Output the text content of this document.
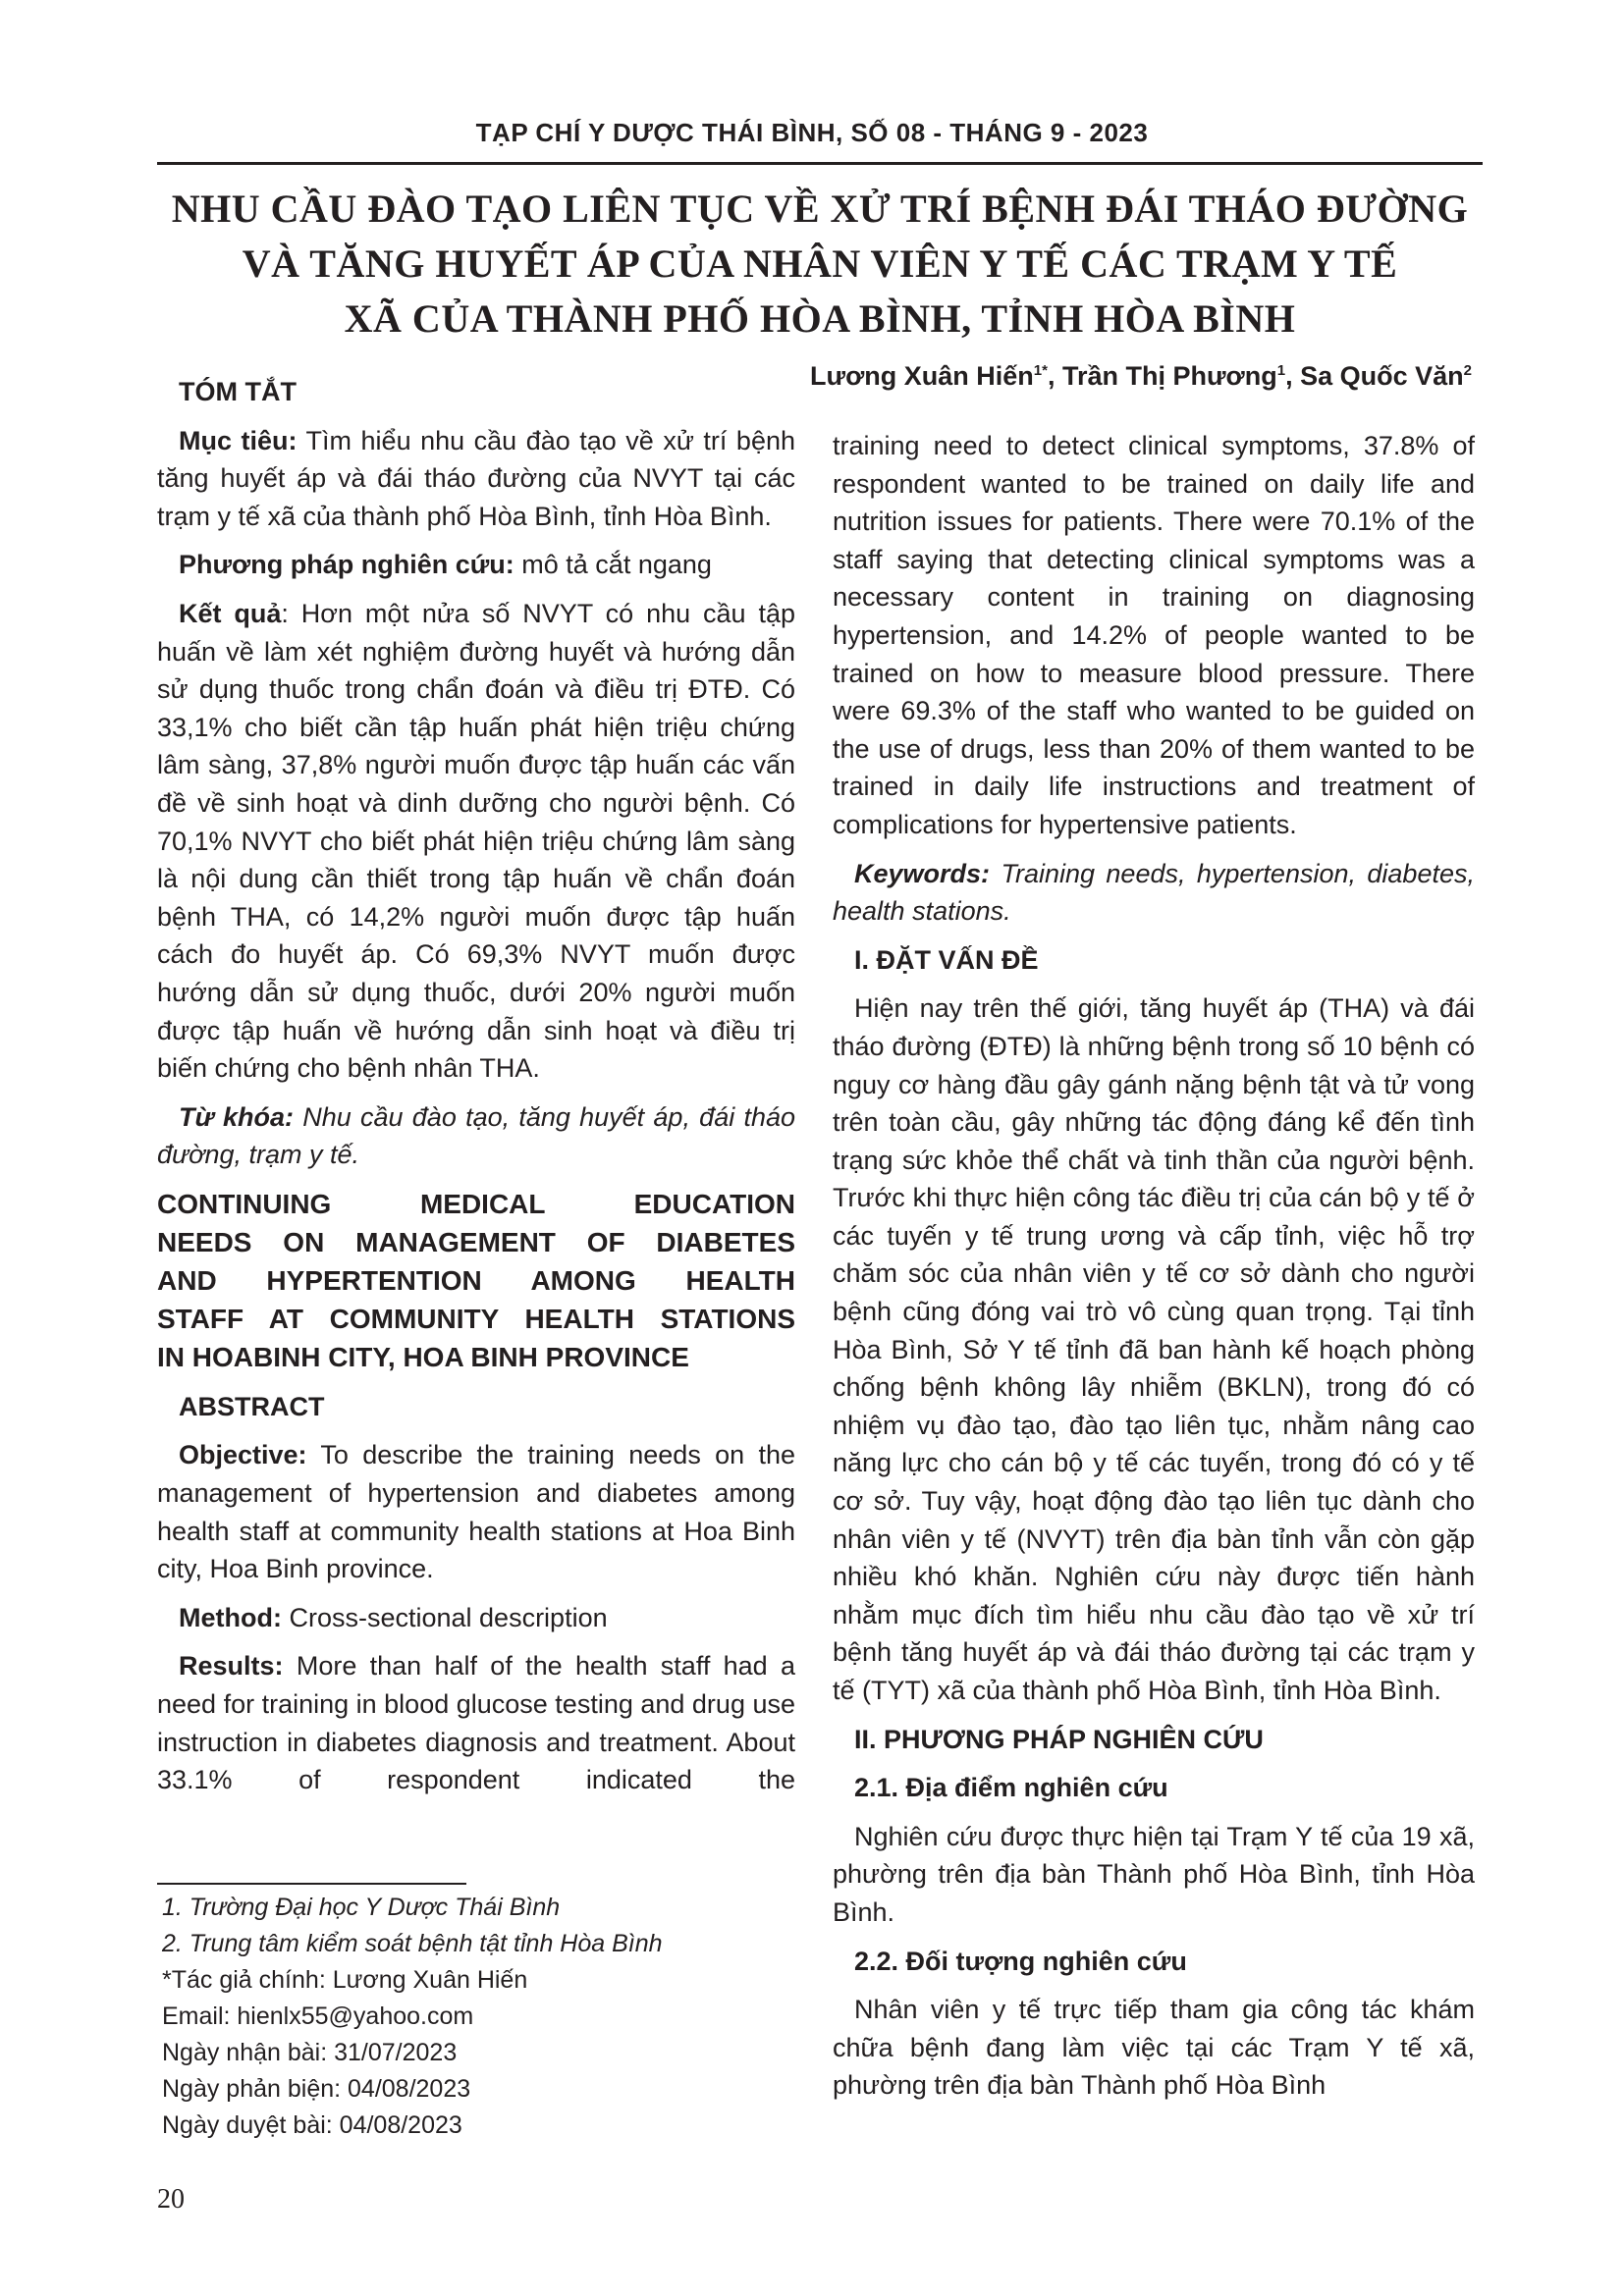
TẠP CHÍ Y DƯỢC THÁI BÌNH, SỐ 08 - THÁNG 9 - 2023
NHU CẦU ĐÀO TẠO LIÊN TỤC VỀ XỬ TRÍ BỆNH ĐÁI THÁO ĐƯỜNG
VÀ TĂNG HUYẾT ÁP CỦA NHÂN VIÊN Y TẾ CÁC TRẠM Y TẾ
XÃ CỦA THÀNH PHỐ HÒA BÌNH, TỈNH HÒA BÌNH
Lương Xuân Hiến$^{1*}$, Trần Thị Phương$^1$, Sa Quốc Văn$^2$

TÓM TẮT

Mục tiêu: Tìm hiểu nhu cầu đào tạo về xử trí bệnh tăng huyết áp và đái tháo đường của NVYT tại các trạm y tế xã của thành phố Hòa Bình, tỉnh Hòa Bình.

Phương pháp nghiên cứu: mô tả cắt ngang

Kết quả: Hơn một nửa số NVYT có nhu cầu tập huấn về làm xét nghiệm đường huyết và hướng dẫn sử dụng thuốc trong chẩn đoán và điều trị ĐTĐ. Có 33,1% cho biết cần tập huấn phát hiện triệu chứng lâm sàng, 37,8% người muốn được tập huấn các vấn đề về sinh hoạt và dinh dưỡng cho người bệnh. Có 70,1% NVYT cho biết phát hiện triệu chứng lâm sàng là nội dung cần thiết trong tập huấn về chẩn đoán bệnh THA, có 14,2% người muốn được tập huấn cách đo huyết áp. Có 69,3% NVYT muốn được hướng dẫn sử dụng thuốc, dưới 20% người muốn được tập huấn về hướng dẫn sinh hoạt và điều trị biến chứng cho bệnh nhân THA.

Từ khóa: Nhu cầu đào tạo, tăng huyết áp, đái tháo đường, trạm y tế.

CONTINUING MEDICAL EDUCATION
NEEDS ON MANAGEMENT OF DIABETES
AND HYPERTENTION AMONG HEALTH
STAFF AT COMMUNITY HEALTH STATIONS
IN HOABINH CITY, HOA BINH PROVINCE

ABSTRACT

Objective: To describe the training needs on the management of hypertension and diabetes among health staff at community health stations at Hoa Binh city, Hoa Binh province.

Method: Cross-sectional description

Results: More than half of the health staff had a need for training in blood glucose testing and drug use instruction in diabetes diagnosis and treatment. About 33.1% of respondent indicated the

training need to detect clinical symptoms, 37.8% of respondent wanted to be trained on daily life and nutrition issues for patients. There were 70.1% of the staff saying that detecting clinical symptoms was a necessary content in training on diagnosing hypertension, and 14.2% of people wanted to be trained on how to measure blood pressure. There were 69.3% of the staff who wanted to be guided on the use of drugs, less than 20% of them wanted to be trained in daily life instructions and treatment of complications for hypertensive patients.

Keywords: Training needs, hypertension, diabetes, health stations.

I. ĐẶT VẤN ĐỀ

Hiện nay trên thế giới, tăng huyết áp (THA) và đái tháo đường (ĐTĐ) là những bệnh trong số 10 bệnh có nguy cơ hàng đầu gây gánh nặng bệnh tật và tử vong trên toàn cầu, gây những tác động đáng kể đến tình trạng sức khỏe thể chất và tinh thần của người bệnh. Trước khi thực hiện công tác điều trị của cán bộ y tế ở các tuyến y tế trung ương và cấp tỉnh, việc hỗ trợ chăm sóc của nhân viên y tế cơ sở dành cho người bệnh cũng đóng vai trò vô cùng quan trọng. Tại tỉnh Hòa Bình, Sở Y tế tỉnh đã ban hành kế hoạch phòng chống bệnh không lây nhiễm (BKLN), trong đó có nhiệm vụ đào tạo, đào tạo liên tục, nhằm nâng cao năng lực cho cán bộ y tế các tuyến, trong đó có y tế cơ sở. Tuy vậy, hoạt động đào tạo liên tục dành cho nhân viên y tế (NVYT) trên địa bàn tỉnh vẫn còn gặp nhiều khó khăn. Nghiên cứu này được tiến hành nhằm mục đích tìm hiểu nhu cầu đào tạo về xử trí bệnh tăng huyết áp và đái tháo đường tại các trạm y tế (TYT) xã của thành phố Hòa Bình, tỉnh Hòa Bình.

II. PHƯƠNG PHÁP NGHIÊN CỨU

2.1. Địa điểm nghiên cứu

Nghiên cứu được thực hiện tại Trạm Y tế của 19 xã, phường trên địa bàn Thành phố Hòa Bình, tỉnh Hòa Bình.

2.2. Đối tượng nghiên cứu

Nhân viên y tế trực tiếp tham gia công tác khám chữa bệnh đang làm việc tại các Trạm Y tế xã, phường trên địa bàn Thành phố Hòa Bình

1. Trường Đại học Y Dược Thái Bình
2. Trung tâm kiểm soát bệnh tật tỉnh Hòa Bình
*Tác giả chính: Lương Xuân Hiến
Email: hienlx55@yahoo.com
Ngày nhận bài: 31/07/2023
Ngày phản biện: 04/08/2023
Ngày duyệt bài: 04/08/2023
20
